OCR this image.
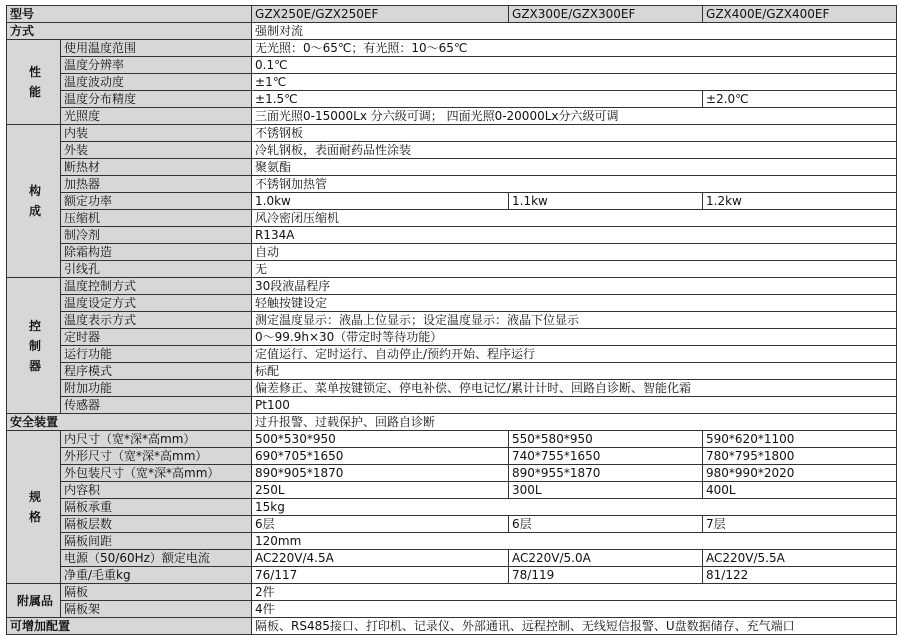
型号		GZX250E/GZX250EF	GZX300E/GZX300EF	GZX400E/GZX400EF
方式		强制对流		

性能	使用温度范围	无光照：0～65℃；有光照：10～65℃		
	温度分辨率	0.1℃		
	温度波动度	±1℃		
	温度分布精度	±1.5℃		±2.0℃
	光照度	三面光照0-15000Lx 分六级可调； 四面光照0-20000Lx分六级可调		

构成	内装	不锈钢板		
	外装	冷轧钢板，表面耐药品性涂装		
	断热材	聚氨酯		
	加热器	不锈钢加热管		
	额定功率	1.0kw	1.1kw	1.2kw
	压缩机	风冷密闭压缩机		
	制冷剂	R134A		
	除霜构造	自动		
	引线孔	无		

控制器	温度控制方式	30段液晶程序		
	温度设定方式	轻触按键设定		
	温度表示方式	测定温度显示：液晶上位显示；设定温度显示：液晶下位显示		
	定时器	0～99.9h×30（带定时等待功能）		
	运行功能	定值运行、定时运行、自动停止/预约开始、程序运行		
	程序模式	标配		
	附加功能	偏差修正、菜单按键锁定、停电补偿、停电记忆/累计计时、回路自诊断、智能化霜		
	传感器	Pt100		
安全装置		过升报警、过载保护、回路自诊断		

规格	内尺寸（宽*深*高mm）	500*530*950	550*580*950	590*620*1100
	外形尺寸（宽*深*高mm）	690*705*1650	740*755*1650	780*795*1800
	外包装尺寸（宽*深*高mm）	890*905*1870	890*955*1870	980*990*2020
	内容积	250L	300L	400L
	隔板承重	15kg		
	隔板层数	6层	6层	7层
	隔板间距	120mm		
	电源（50/60Hz）额定电流	AC220V/4.5A	AC220V/5.0A	AC220V/5.5A
	净重/毛重kg	76/117	78/119	81/122

附属品	隔板	2件		
	隔板架	4件		
可增加配置		隔板、RS485接口、打印机、记录仪、外部通讯、远程控制、无线短信报警、U盘数据储存、充气端口		
